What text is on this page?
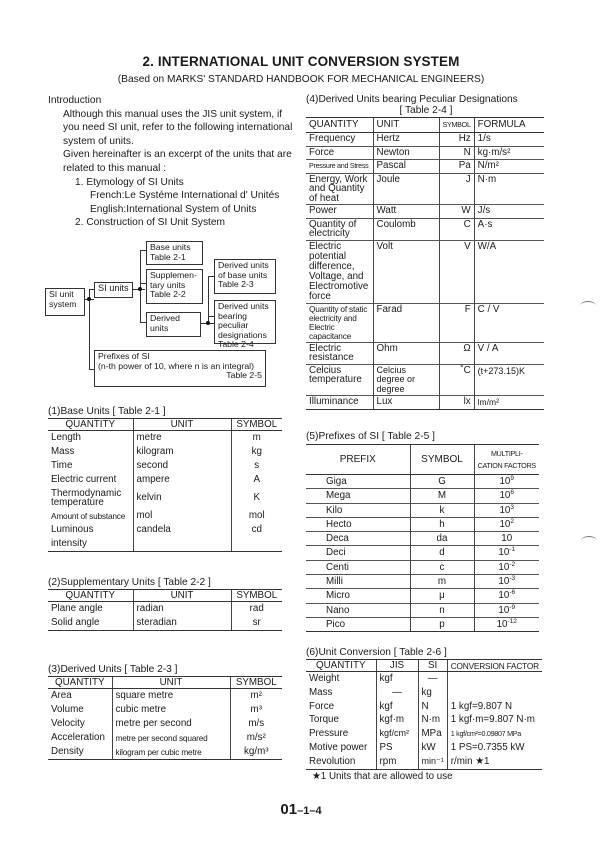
2. INTERNATIONAL UNIT CONVERSION SYSTEM
(Based on MARKS' STANDARD HANDBOOK FOR MECHANICAL ENGINEERS)
Introduction
Although this manual uses the JIS unit system, if you need SI unit, refer to the following international system of units.
Given hereinafter is an excerpt of the units that are related to this manual :
1. Etymology of SI Units
French:Le Systéme International d' Unités
English:International System of Units
2. Construction of SI Unit System
SI unit
system
SI units
Base units
Table 2-1
Supplemen-
tary units
Table 2-2
Derived
units
Derived units
of base units
Table 2-3
Derived units
bearing peculiar
designations
Table 2-4
Prefixes of SI
(n-th power of 10, where n is an integral)
Table 2-5
(1)Base Units [ Table 2-1 ]
QUANTITY	UNIT	SYMBOL
Length	metre	m
Mass	kilogram	kg
Time	second	s
Electric current	ampere	A
Thermodynamic temperature	kelvin	K
Amount of substance	mol	mol
Luminous intensity	candela	cd
(2)Supplementary Units [ Table 2-2 ]
QUANTITY	UNIT	SYMBOL
Plane angle	radian	rad
Solid angle	steradian	sr
(3)Derived Units [ Table 2-3 ]
QUANTITY	UNIT	SYMBOL
Area	square metre	m²
Volume	cubic metre	m³
Velocity	metre per second	m/s
Acceleration	metre per second squared	m/s²
Density	kilogram per cubic metre	kg/m³
(4)Derived Units bearing Peculiar Designations
[ Table 2-4 ]
QUANTITY	UNIT	SYMBOL	FORMULA
Frequency	Hertz	Hz	1/s
Force	Newton	N	kg·m/s²
Pressure and Stress	Pascal	Pa	N/m²
Energy, Work and Quantity of heat	Joule	J	N·m
Power	Watt	W	J/s
Quantity of electricity	Coulomb	C	A·s
Electric potential difference, Voltage, and Electromotive force	Volt	V	W/A
Quantity of static electricity and Electric capacitance	Farad	F	C / V
Electric resistance	Ohm	Ω	V / A
Celcius temperature	Celcius degree or degree	˚C	(t+273.15)K
Illuminance	Lux	lx	lm/m²
(5)Prefixes of SI [ Table 2-5 ]
PREFIX	SYMBOL	MULTIPLI-
CATION FACTORS

Giga	G	$10^9$
Mega	M	$10^6$
Kilo	k	$10^3$
Hecto	h	$10^2$
Deca	da	10
Deci	d	$10^{-1}$
Centi	c	$10^{-2}$
Milli	m	$10^{-3}$
Micro	μ	$10^{-6}$
Nano	n	$10^{-9}$
Pico	p	$10^{-12}$
(6)Unit Conversion [ Table 2-6 ]
QUANTITY	JIS	SI	CONVERSION FACTOR
Weight	kgf	—	
Mass	—	kg	
Force	kgf	N	1 kgf=9.807 N
Torque	kgf·m	N·m	1 kgf·m=9.807 N·m
Pressure	kgf/cm²	MPa	1 kgf/cm²=0.09807 MPa
Motive power	PS	kW	1 PS=0.7355 kW
Revolution	rpm	min⁻¹	r/min ★1
★1 Units that are allowed to use
01–1–4
